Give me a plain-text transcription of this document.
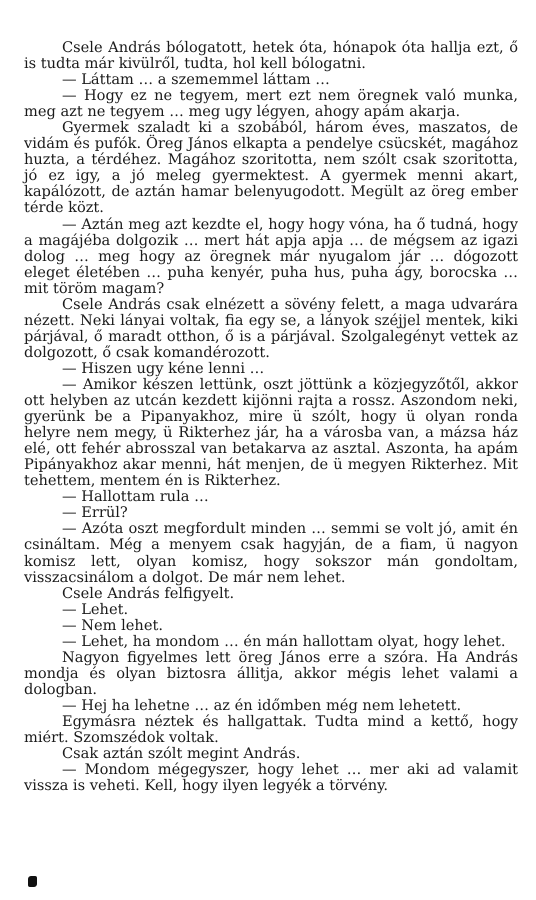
Csele András bólogatott, hetek óta, hónapok óta hallja ezt, ő is tudta már kivülről, tudta, hol kell bólogatni.

— Láttam … a szememmel láttam …

— Hogy ez ne tegyem, mert ezt nem öregnek való munka, meg azt ne tegyem … meg ugy légyen, ahogy apám akarja.

Gyermek szaladt ki a szobából, három éves, maszatos, de vidám és pufók. Öreg János elkapta a pendelye csücskét, magához huzta, a térdéhez. Magához szoritotta, nem szólt csak szoritotta, jó ez igy, a jó meleg gyermektest. A gyermek menni akart, kapálózott, de aztán hamar belenyugodott. Megült az öreg ember térde közt.

— Aztán meg azt kezdte el, hogy hogy vóna, ha ő tudná, hogy a magájéba dolgozik … mert hát apja apja … de mégsem az igazi dolog … meg hogy az öregnek már nyugalom jár … dógozott eleget életében … puha kenyér, puha hus, puha ágy, borocska … mit töröm magam?

Csele András csak elnézett a sövény felett, a maga udvarára nézett. Neki lányai voltak, fia egy se, a lányok széjjel mentek, kiki párjával, ő maradt otthon, ő is a párjával. Szolgalegényt vettek az dolgozott, ő csak komandérozott.

— Hiszen ugy kéne lenni …

— Amikor készen lettünk, oszt jöttünk a közjegyzőtől, akkor ott helyben az utcán kezdett kijönni rajta a rossz. Aszondom neki, gyerünk be a Pipanyakhoz, mire ü szólt, hogy ü olyan ronda helyre nem megy, ü Rikterhez jár, ha a városba van, a mázsa ház elé, ott fehér abrosszal van betakarva az asztal. Aszonta, ha apám Pipányakhoz akar menni, hát menjen, de ü megyen Rikterhez. Mit tehettem, mentem én is Rikterhez.

— Hallottam rula …

— Errül?

— Azóta oszt megfordult minden … semmi se volt jó, amit én csináltam. Még a menyem csak hagyján, de a fiam, ü nagyon komisz lett, olyan komisz, hogy sokszor mán gondoltam, visszacsinálom a dolgot. De már nem lehet.

Csele András felfigyelt.

— Lehet.

— Nem lehet.

— Lehet, ha mondom … én mán hallottam olyat, hogy lehet.

Nagyon figyelmes lett öreg János erre a szóra. Ha András mondja és olyan biztosra állitja, akkor mégis lehet valami a dologban.

— Hej ha lehetne … az én időmben még nem lehetett.

Egymásra néztek és hallgattak. Tudta mind a kettő, hogy miért. Szomszédok voltak.

Csak aztán szólt megint András.

— Mondom mégegyszer, hogy lehet … mer aki ad valamit vissza is veheti. Kell, hogy ilyen legyék a törvény.
